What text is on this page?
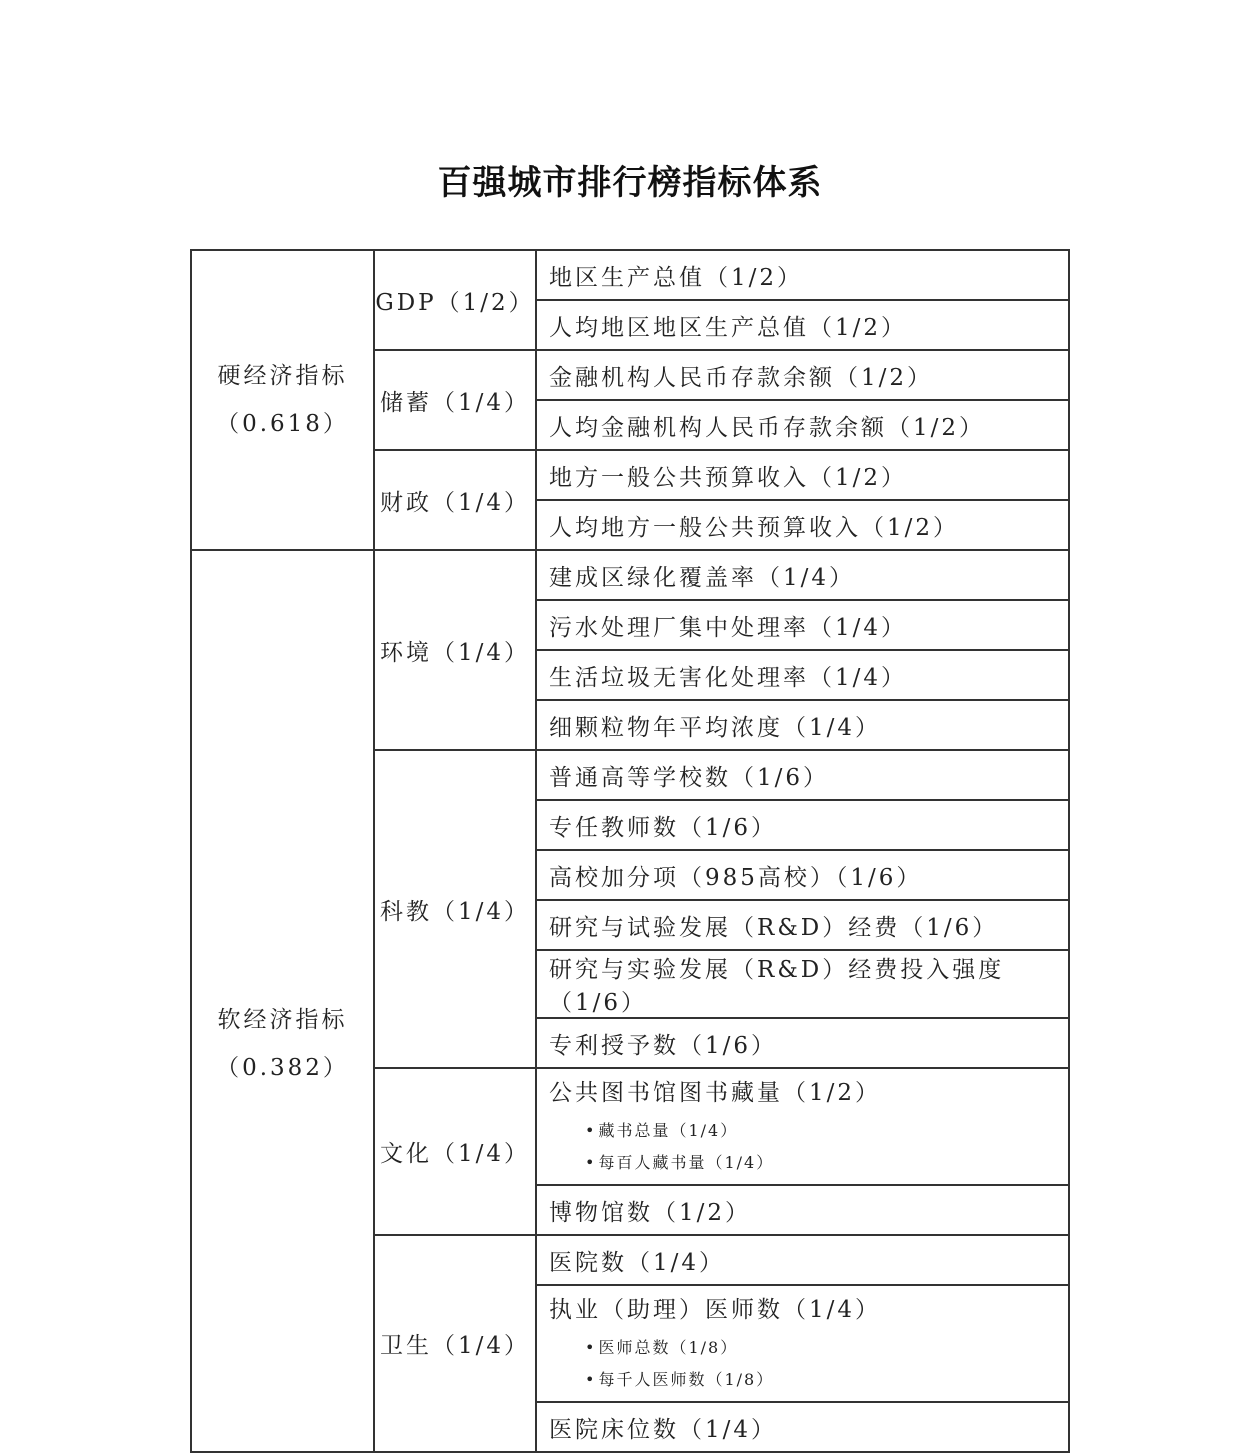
百强城市排行榜指标体系
硬经济指标
（0.618）	GDP（1/2）	地区生产总值（1/2）
		人均地区地区生产总值（1/2）
	储蓄（1/4）	金融机构人民币存款余额（1/2）
		人均金融机构人民币存款余额（1/2）
	财政（1/4）	地方一般公共预算收入（1/2）
		人均地方一般公共预算收入（1/2）

软经济指标
（0.382）	环境（1/4）	建成区绿化覆盖率（1/4）
		污水处理厂集中处理率（1/4）
		生活垃圾无害化处理率（1/4）
		细颗粒物年平均浓度（1/4）
	科教（1/4）	普通高等学校数（1/6）
		专任教师数（1/6）
		高校加分项（985高校）（1/6）
		研究与试验发展（R&D）经费（1/6）
		研究与实验发展（R&D）经费投入强度（1/6）
		专利授予数（1/6）
	文化（1/4）	公共图书馆图书藏量（1/2）
• 藏书总量（1/4）
• 每百人藏书量（1/4）

		博物馆数（1/2）
	卫生（1/4）	医院数（1/4）

		执业（助理）医师数（1/4）
• 医师总数（1/8）
• 每千人医师数（1/8）

		医院床位数（1/4）
